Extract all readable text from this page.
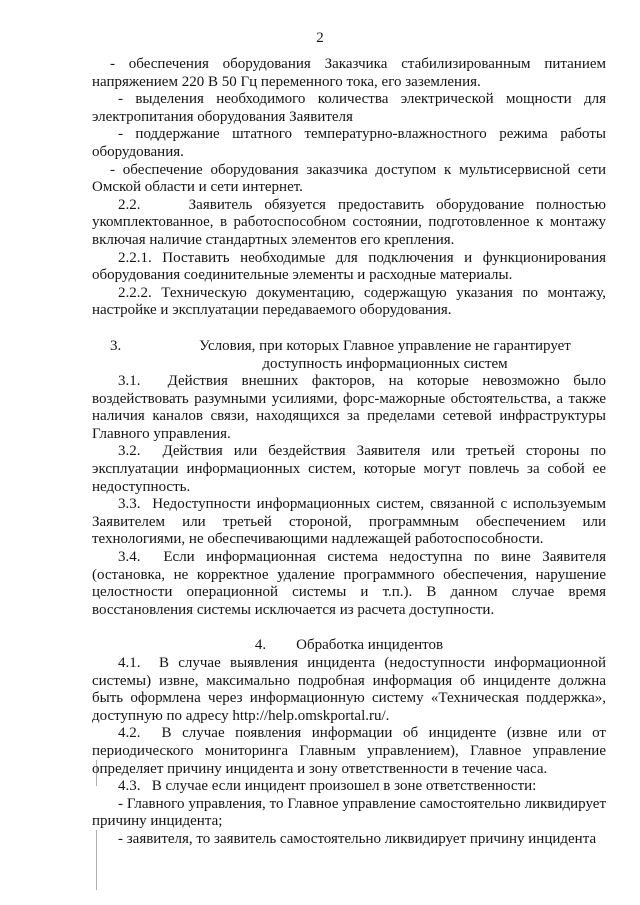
2

- обеспечения оборудования Заказчика стабилизированным питанием напряжением 220 В 50 Гц переменного тока, его заземления.

- выделения необходимого количества электрической мощности для электропитания оборудования Заявителя

- поддержание штатного температурно-влажностного режима работы оборудования.

- обеспечение оборудования заказчика доступом к мультисервисной сети Омской области и сети интернет.

2.2.    Заявитель обязуется предоставить оборудование полностью укомплектованное, в работоспособном состоянии, подготовленное к монтажу включая наличие стандартных элементов его крепления.

2.2.1. Поставить необходимые для подключения и функционирования оборудования соединительные элементы и расходные материалы.

2.2.2. Техническую документацию, содержащую указания по монтажу, настройке и эксплуатации передаваемого оборудования.

3.	Условия, при которых Главное управление не гарантирует доступность информационных систем

3.1.  Действия внешних факторов, на которые невозможно было воздействовать разумными усилиями, форс-мажорные обстоятельства, а также наличия каналов связи, находящихся за пределами сетевой инфраструктуры Главного управления.

3.2.  Действия или бездействия Заявителя или третьей стороны по эксплуатации информационных систем, которые могут повлечь за собой ее недоступность.

3.3.  Недоступности информационных систем, связанной с используемым Заявителем или третьей стороной, программным обеспечением или технологиями, не обеспечивающими надлежащей работоспособности.

3.4.  Если информационная система недоступна по вине Заявителя (остановка, не корректное удаление программного обеспечения, нарушение целостности операционной системы и т.п.). В данном случае время восстановления системы исключается из расчета доступности.

4. Обработка инцидентов

4.1.  В случае выявления инцидента (недоступности информационной системы) извне, максимально подробная информация об инциденте должна быть оформлена через информационную систему «Техническая поддержка», доступную по адресу http://help.omskportal.ru/.

4.2.  В случае появления информации об инциденте (извне или от периодического мониторинга Главным управлением), Главное управление определяет причину инцидента и зону ответственности в течение часа.

4.3.   В случае если инцидент произошел в зоне ответственности:

- Главного управления, то Главное управление самостоятельно ликвидирует причину инцидента;

- заявителя, то заявитель самостоятельно ликвидирует причину инцидента
